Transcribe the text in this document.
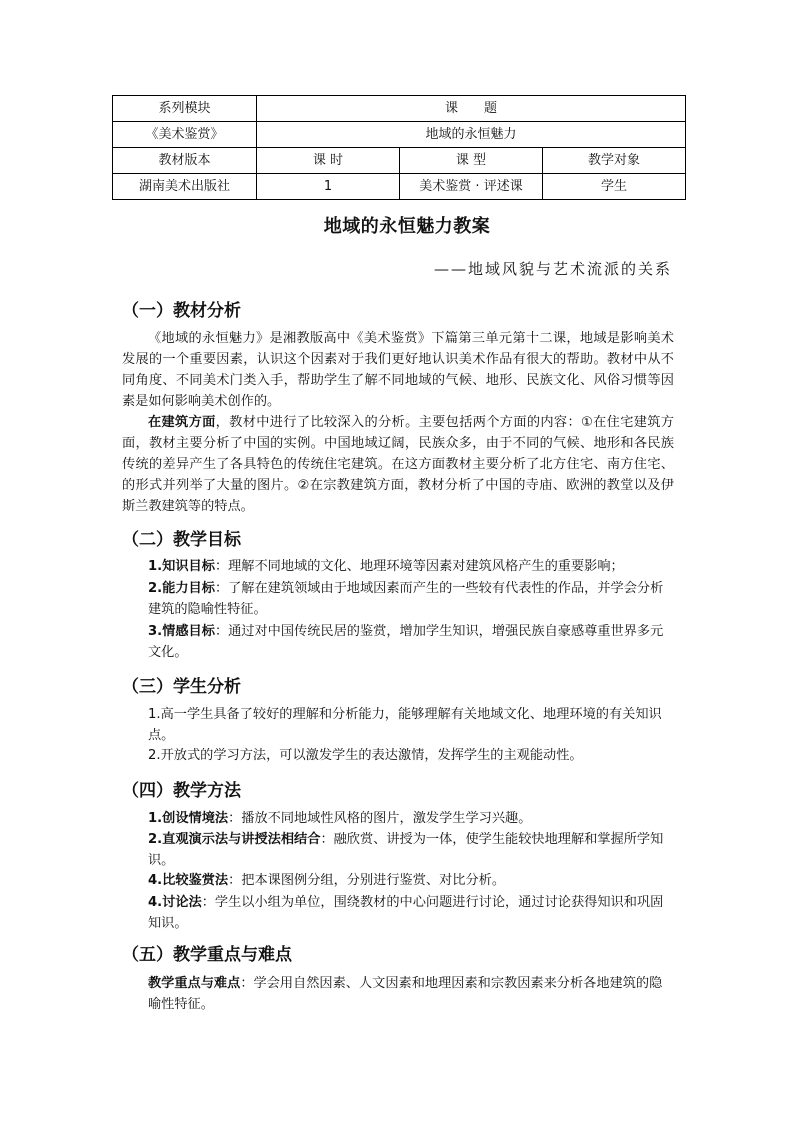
系列模块	课　　题		
《美术鉴赏》	地域的永恒魅力		
教材版本	课 时	课 型	教学对象
湖南美术出版社	1	美术鉴赏 · 评述课	学生
地域的永恒魅力教案
——地域风貌与艺术流派的关系
（一）教材分析
《地域的永恒魅力》是湘教版高中《美术鉴赏》下篇第三单元第十二课，地域是影响美术发展的一个重要因素，认识这个因素对于我们更好地认识美术作品有很大的帮助。教材中从不同角度、不同美术门类入手，帮助学生了解不同地域的气候、地形、民族文化、风俗习惯等因素是如何影响美术创作的。
在建筑方面，教材中进行了比较深入的分析。主要包括两个方面的内容：①在住宅建筑方面，教材主要分析了中国的实例。中国地域辽阔，民族众多，由于不同的气候、地形和各民族传统的差异产生了各具特色的传统住宅建筑。在这方面教材主要分析了北方住宅、南方住宅、的形式并列举了大量的图片。②在宗教建筑方面，教材分析了中国的寺庙、欧洲的教堂以及伊斯兰教建筑等的特点。
（二）教学目标
1.知识目标：理解不同地域的文化、地理环境等因素对建筑风格产生的重要影响；
2.能力目标：了解在建筑领域由于地域因素而产生的一些较有代表性的作品，并学会分析建筑的隐喻性特征。
3.情感目标：通过对中国传统民居的鉴赏，增加学生知识，增强民族自豪感尊重世界多元文化。
（三）学生分析
1.高一学生具备了较好的理解和分析能力，能够理解有关地域文化、地理环境的有关知识点。
2.开放式的学习方法，可以激发学生的表达激情，发挥学生的主观能动性。
（四）教学方法
1.创设情境法：播放不同地域性风格的图片，激发学生学习兴趣。
2.直观演示法与讲授法相结合：融欣赏、讲授为一体，使学生能较快地理解和掌握所学知识。
4.比较鉴赏法：把本课图例分组，分别进行鉴赏、对比分析。
4.讨论法：学生以小组为单位，围绕教材的中心问题进行讨论，通过讨论获得知识和巩固知识。
（五）教学重点与难点
教学重点与难点：学会用自然因素、人文因素和地理因素和宗教因素来分析各地建筑的隐喻性特征。
